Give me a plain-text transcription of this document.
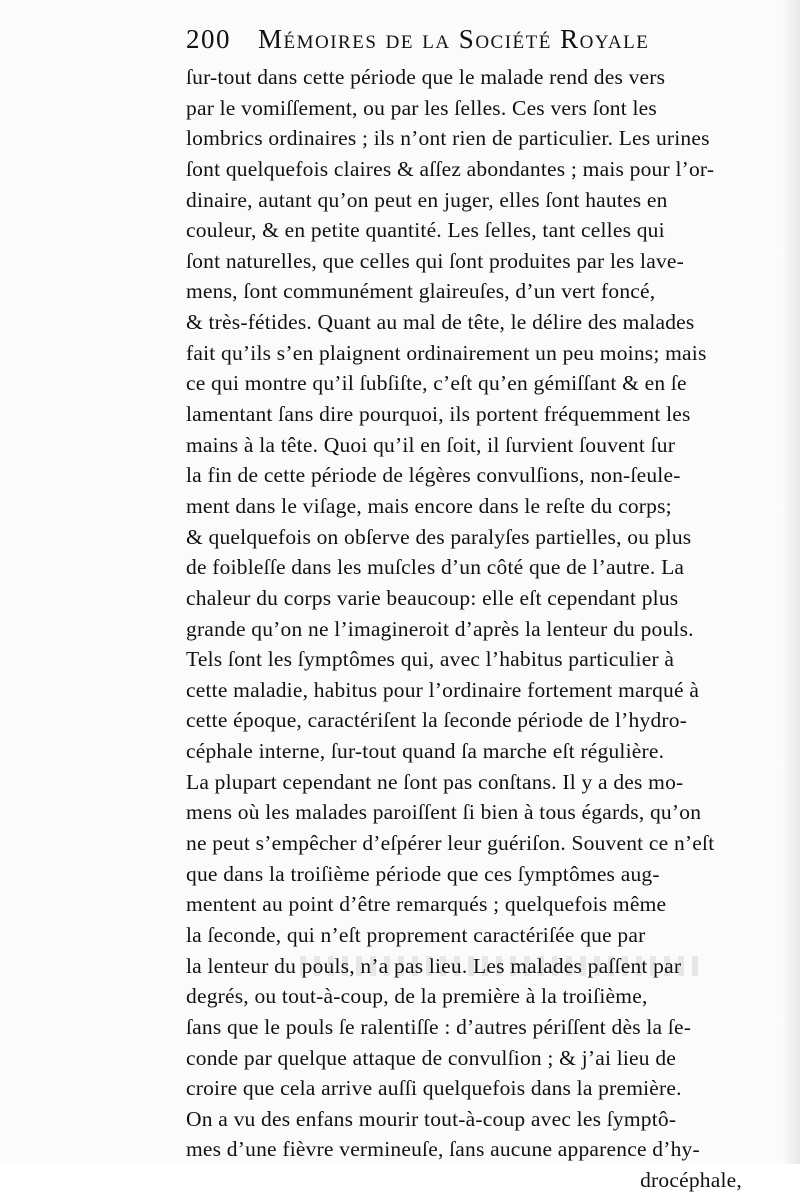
200 Mémoires de la Société Royale
ſur-tout dans cette période que le malade rend des vers
par le vomiſſement, ou par les ſelles. Ces vers ſont les
lombrics ordinaires ; ils n’ont rien de particulier. Les urines
ſont quelquefois claires & aſſez abondantes ; mais pour l’or-
dinaire, autant qu’on peut en juger, elles ſont hautes en
couleur, & en petite quantité. Les ſelles, tant celles qui
ſont naturelles, que celles qui ſont produites par les lave-
mens, ſont communément glaireuſes, d’un vert foncé,
& très-fétides. Quant au mal de tête, le délire des malades
fait qu’ils s’en plaignent ordinairement un peu moins; mais
ce qui montre qu’il ſubſiſte, c’eſt qu’en gémiſſant & en ſe
lamentant ſans dire pourquoi, ils portent fréquemment les
mains à la tête. Quoi qu’il en ſoit, il ſurvient ſouvent ſur
la fin de cette période de légères convulſions, non-ſeule-
ment dans le viſage, mais encore dans le reſte du corps;
& quelquefois on obſerve des paralyſes partielles, ou plus
de foibleſſe dans les muſcles d’un côté que de l’autre. La
chaleur du corps varie beaucoup: elle eſt cependant plus
grande qu’on ne l’imagineroit d’après la lenteur du pouls.
Tels ſont les ſymptômes qui, avec l’habitus particulier à
cette maladie, habitus pour l’ordinaire fortement marqué à
cette époque, caractériſent la ſeconde période de l’hydro-
céphale interne, ſur-tout quand ſa marche eſt régulière.
La plupart cependant ne ſont pas conſtans. Il y a des mo-
mens où les malades paroiſſent ſi bien à tous égards, qu’on
ne peut s’empêcher d’eſpérer leur guériſon. Souvent ce n’eſt
que dans la troiſième période que ces ſymptômes aug-
mentent au point d’être remarqués ; quelquefois même
la ſeconde, qui n’eſt proprement caractériſée que par
la lenteur du pouls, n’a pas lieu. Les malades paſſent par
degrés, ou tout-à-coup, de la première à la troiſième,
ſans que le pouls ſe ralentiſſe : d’autres périſſent dès la ſe-
conde par quelque attaque de convulſion ; & j’ai lieu de
croire que cela arrive auſſi quelquefois dans la première.
On a vu des enfans mourir tout-à-coup avec les ſymptô-
mes d’une fièvre vermineuſe, ſans aucune apparence d’hy-
drocéphale,
